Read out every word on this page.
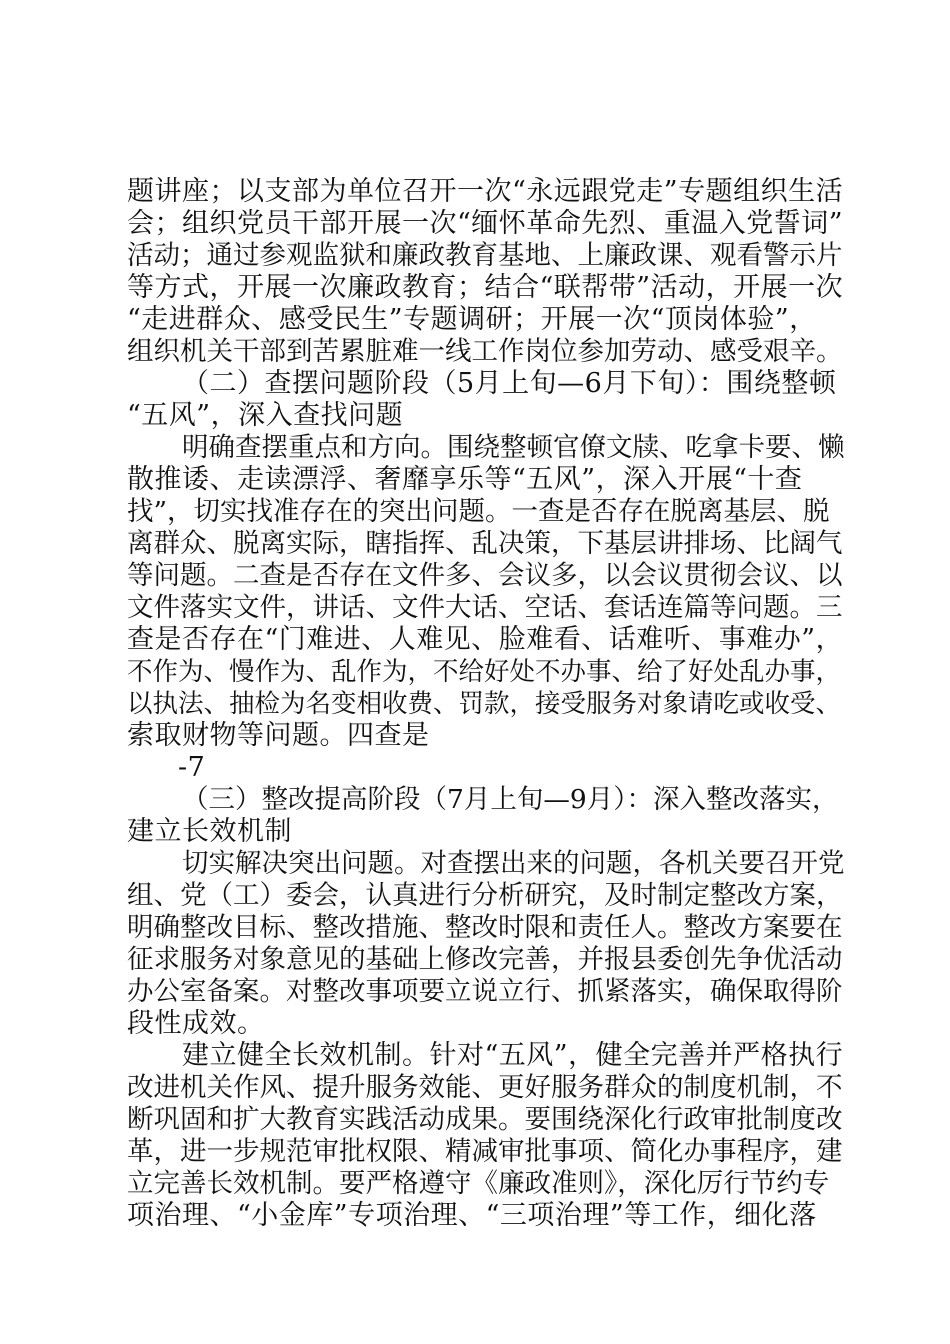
题讲座；以支部为单位召开一次“永远跟党走”专题组织生活
会；组织党员干部开展一次“缅怀革命先烈、重温入党誓词”
活动；通过参观监狱和廉政教育基地、上廉政课、观看警示片
等方式，开展一次廉政教育；结合“联帮带”活动，开展一次
“走进群众、感受民生”专题调研；开展一次“顶岗体验”，
组织机关干部到苦累脏难一线工作岗位参加劳动、感受艰辛。
（二）查摆问题阶段（5月上旬—6月下旬）：围绕整顿
“五风”，深入查找问题
明确查摆重点和方向。围绕整顿官僚文牍、吃拿卡要、懒
散推诿、走读漂浮、奢靡享乐等“五风”，深入开展“十查
找”，切实找准存在的突出问题。一查是否存在脱离基层、脱
离群众、脱离实际，瞎指挥、乱决策，下基层讲排场、比阔气
等问题。二查是否存在文件多、会议多，以会议贯彻会议、以
文件落实文件，讲话、文件大话、空话、套话连篇等问题。三
查是否存在“门难进、人难见、脸难看、话难听、事难办”，
不作为、慢作为、乱作为，不给好处不办事、给了好处乱办事，
以执法、抽检为名变相收费、罚款，接受服务对象请吃或收受、
索取财物等问题。四查是
-7
（三）整改提高阶段（7月上旬—9月）：深入整改落实，
建立长效机制
切实解决突出问题。对查摆出来的问题，各机关要召开党
组、党（工）委会，认真进行分析研究，及时制定整改方案，
明确整改目标、整改措施、整改时限和责任人。整改方案要在
征求服务对象意见的基础上修改完善，并报县委创先争优活动
办公室备案。对整改事项要立说立行、抓紧落实，确保取得阶
段性成效。
建立健全长效机制。针对“五风”，健全完善并严格执行
改进机关作风、提升服务效能、更好服务群众的制度机制，不
断巩固和扩大教育实践活动成果。要围绕深化行政审批制度改
革，进一步规范审批权限、精减审批事项、简化办事程序，建
立完善长效机制。要严格遵守《廉政准则》，深化厉行节约专
项治理、“小金库”专项治理、“三项治理”等工作，细化落
